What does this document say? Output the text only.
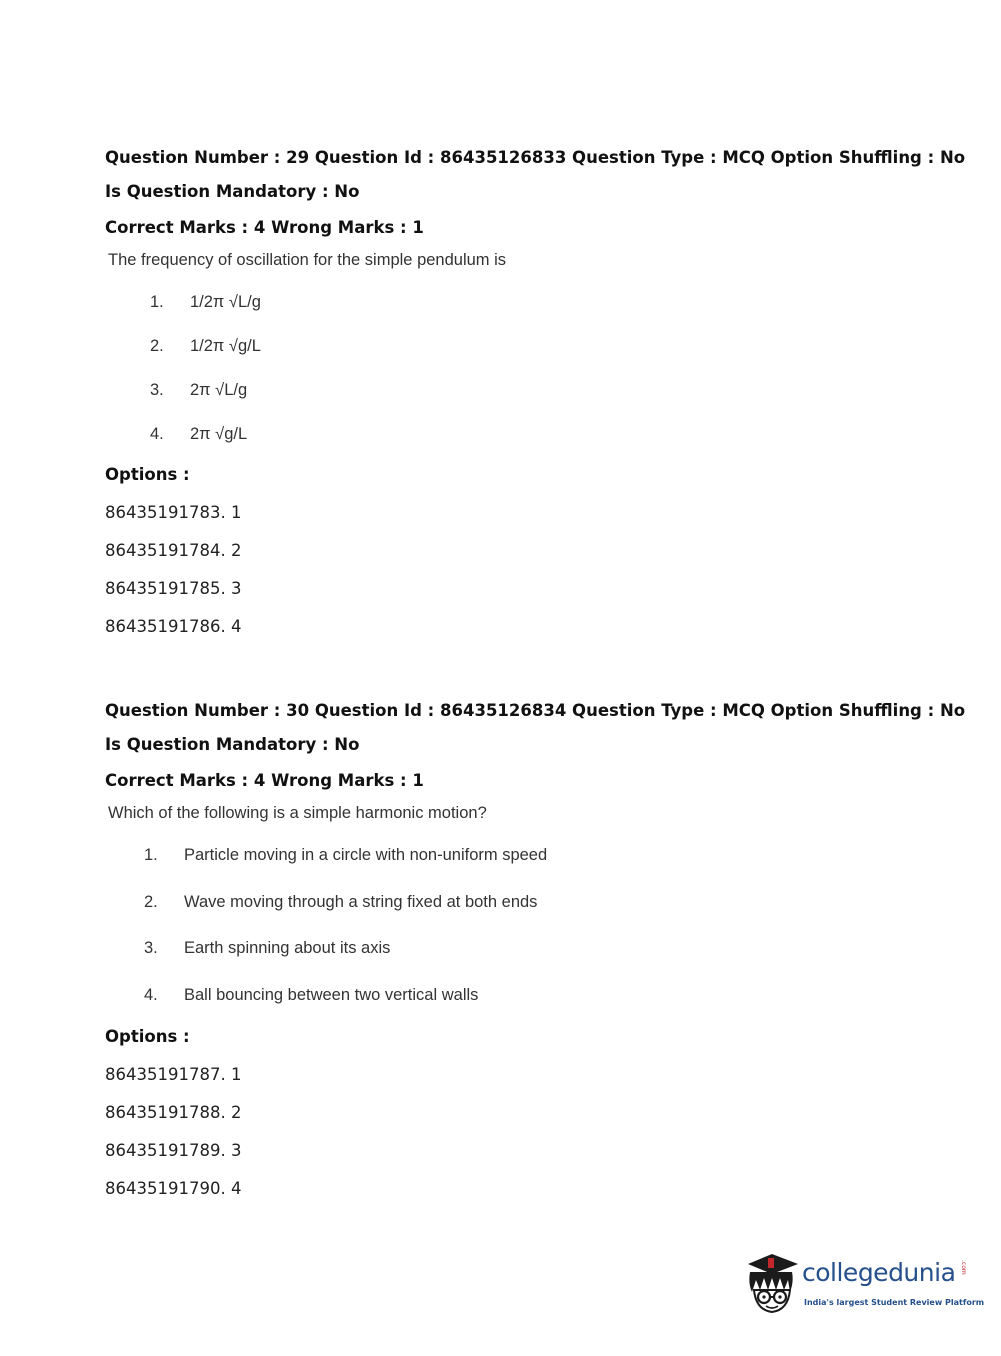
Question Number : 29 Question Id : 86435126833 Question Type : MCQ Option Shuffling : No
Is Question Mandatory : No
Correct Marks : 4 Wrong Marks : 1
The frequency of oscillation for the simple pendulum is
1.	1/2π √L/g
2.	1/2π √g/L
3.	2π √L/g
4.	2π √g/L
Options :
86435191783. 1
86435191784. 2
86435191785. 3
86435191786. 4
Question Number : 30 Question Id : 86435126834 Question Type : MCQ Option Shuffling : No
Is Question Mandatory : No
Correct Marks : 4 Wrong Marks : 1
Which of the following is a simple harmonic motion?
1.	Particle moving in a circle with non-uniform speed
2.	Wave moving through a string fixed at both ends
3.	Earth spinning about its axis
4.	Ball bouncing between two vertical walls
Options :
86435191787. 1
86435191788. 2
86435191789. 3
86435191790. 4
collegedunia .com
India's largest Student Review Platform
